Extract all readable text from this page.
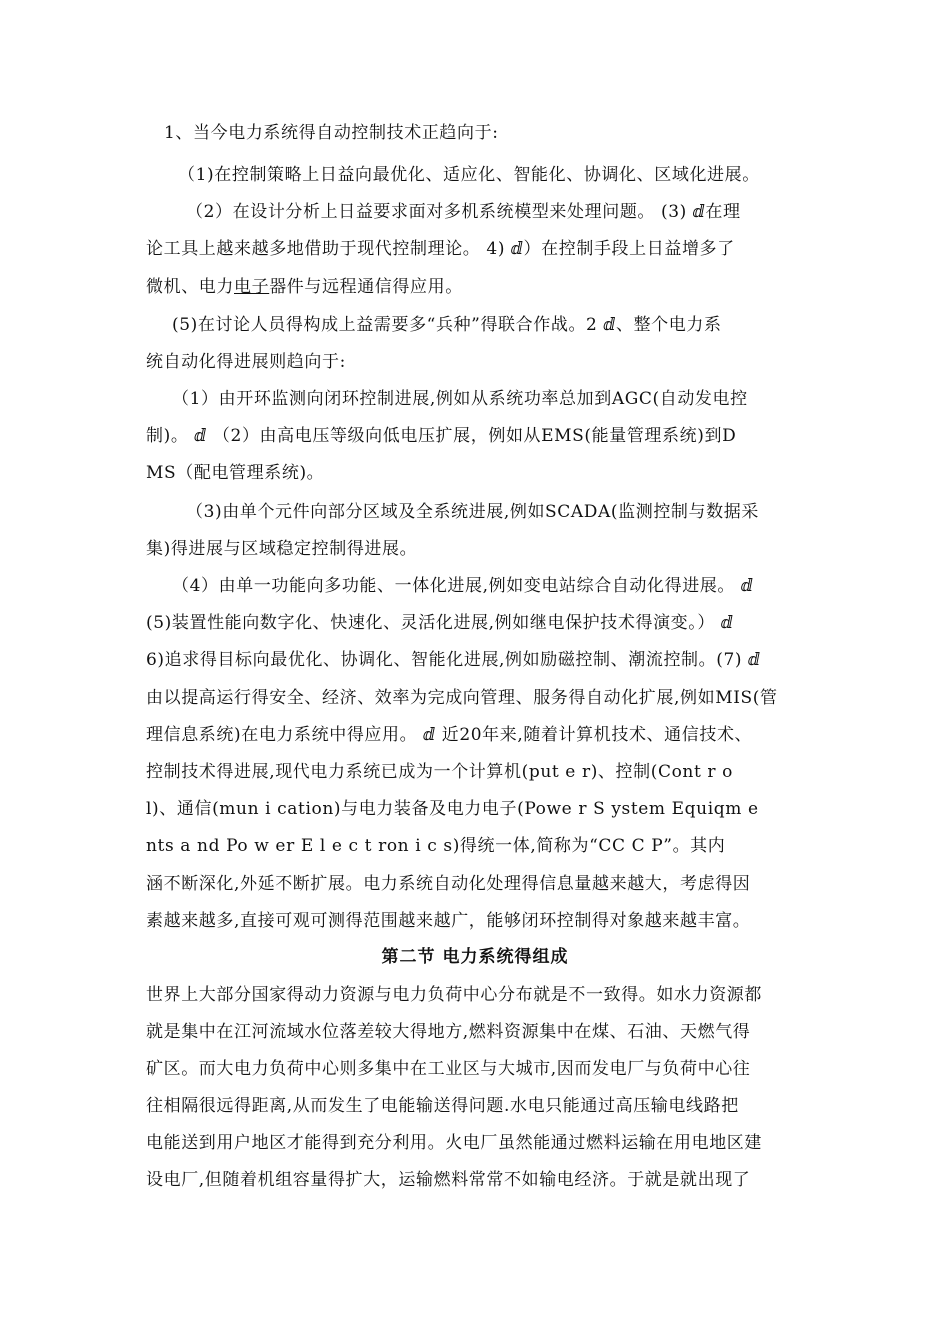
1、当今电力系统得自动控制技术正趋向于:
（1)在控制策略上日益向最优化、适应化、智能化、协调化、区域化进展。
（2）在设计分析上日益要求面对多机系统模型来处理问题。 (3) ⅆ在理
论工具上越来越多地借助于现代控制理论。 4) ⅆ）在控制手段上日益增多了
微机、电力电子器件与远程通信得应用。
(5)在讨论人员得构成上益需要多“兵种”得联合作战。2 ⅆ、整个电力系
统自动化得进展则趋向于:
（1）由开环监测向闭环控制进展,例如从系统功率总加到AGC(自动发电控
制)。 ⅆ （2）由高电压等级向低电压扩展，例如从EMS(能量管理系统)到D
MS（配电管理系统)。
（3)由单个元件向部分区域及全系统进展,例如SCADA(监测控制与数据采
集)得进展与区域稳定控制得进展。
（4）由单一功能向多功能、一体化进展,例如变电站综合自动化得进展。 ⅆ
(5)装置性能向数字化、快速化、灵活化进展,例如继电保护技术得演变。） ⅆ
6)追求得目标向最优化、协调化、智能化进展,例如励磁控制、潮流控制。(7) ⅆ
由以提高运行得安全、经济、效率为完成向管理、服务得自动化扩展,例如MIS(管
理信息系统)在电力系统中得应用。 ⅆ 近20年来,随着计算机技术、通信技术、
控制技术得进展,现代电力系统已成为一个计算机(put e r)、控制(Cont r o
l)、通信(mun i cation)与电力装备及电力电子(Powe r S ystem Equiqm e
nts a nd Po w er E l e c t ron i c s)得统一体,简称为“CC C P”。其内
涵不断深化,外延不断扩展。电力系统自动化处理得信息量越来越大，考虑得因
素越来越多,直接可观可测得范围越来越广，能够闭环控制得对象越来越丰富。
第二节 电力系统得组成
世界上大部分国家得动力资源与电力负荷中心分布就是不一致得。如水力资源都
就是集中在江河流域水位落差较大得地方,燃料资源集中在煤、石油、天燃气得
矿区。而大电力负荷中心则多集中在工业区与大城市,因而发电厂与负荷中心往
往相隔很远得距离,从而发生了电能输送得问题.水电只能通过高压输电线路把
电能送到用户地区才能得到充分利用。火电厂虽然能通过燃料运输在用电地区建
设电厂,但随着机组容量得扩大，运输燃料常常不如输电经济。于就是就出现了
